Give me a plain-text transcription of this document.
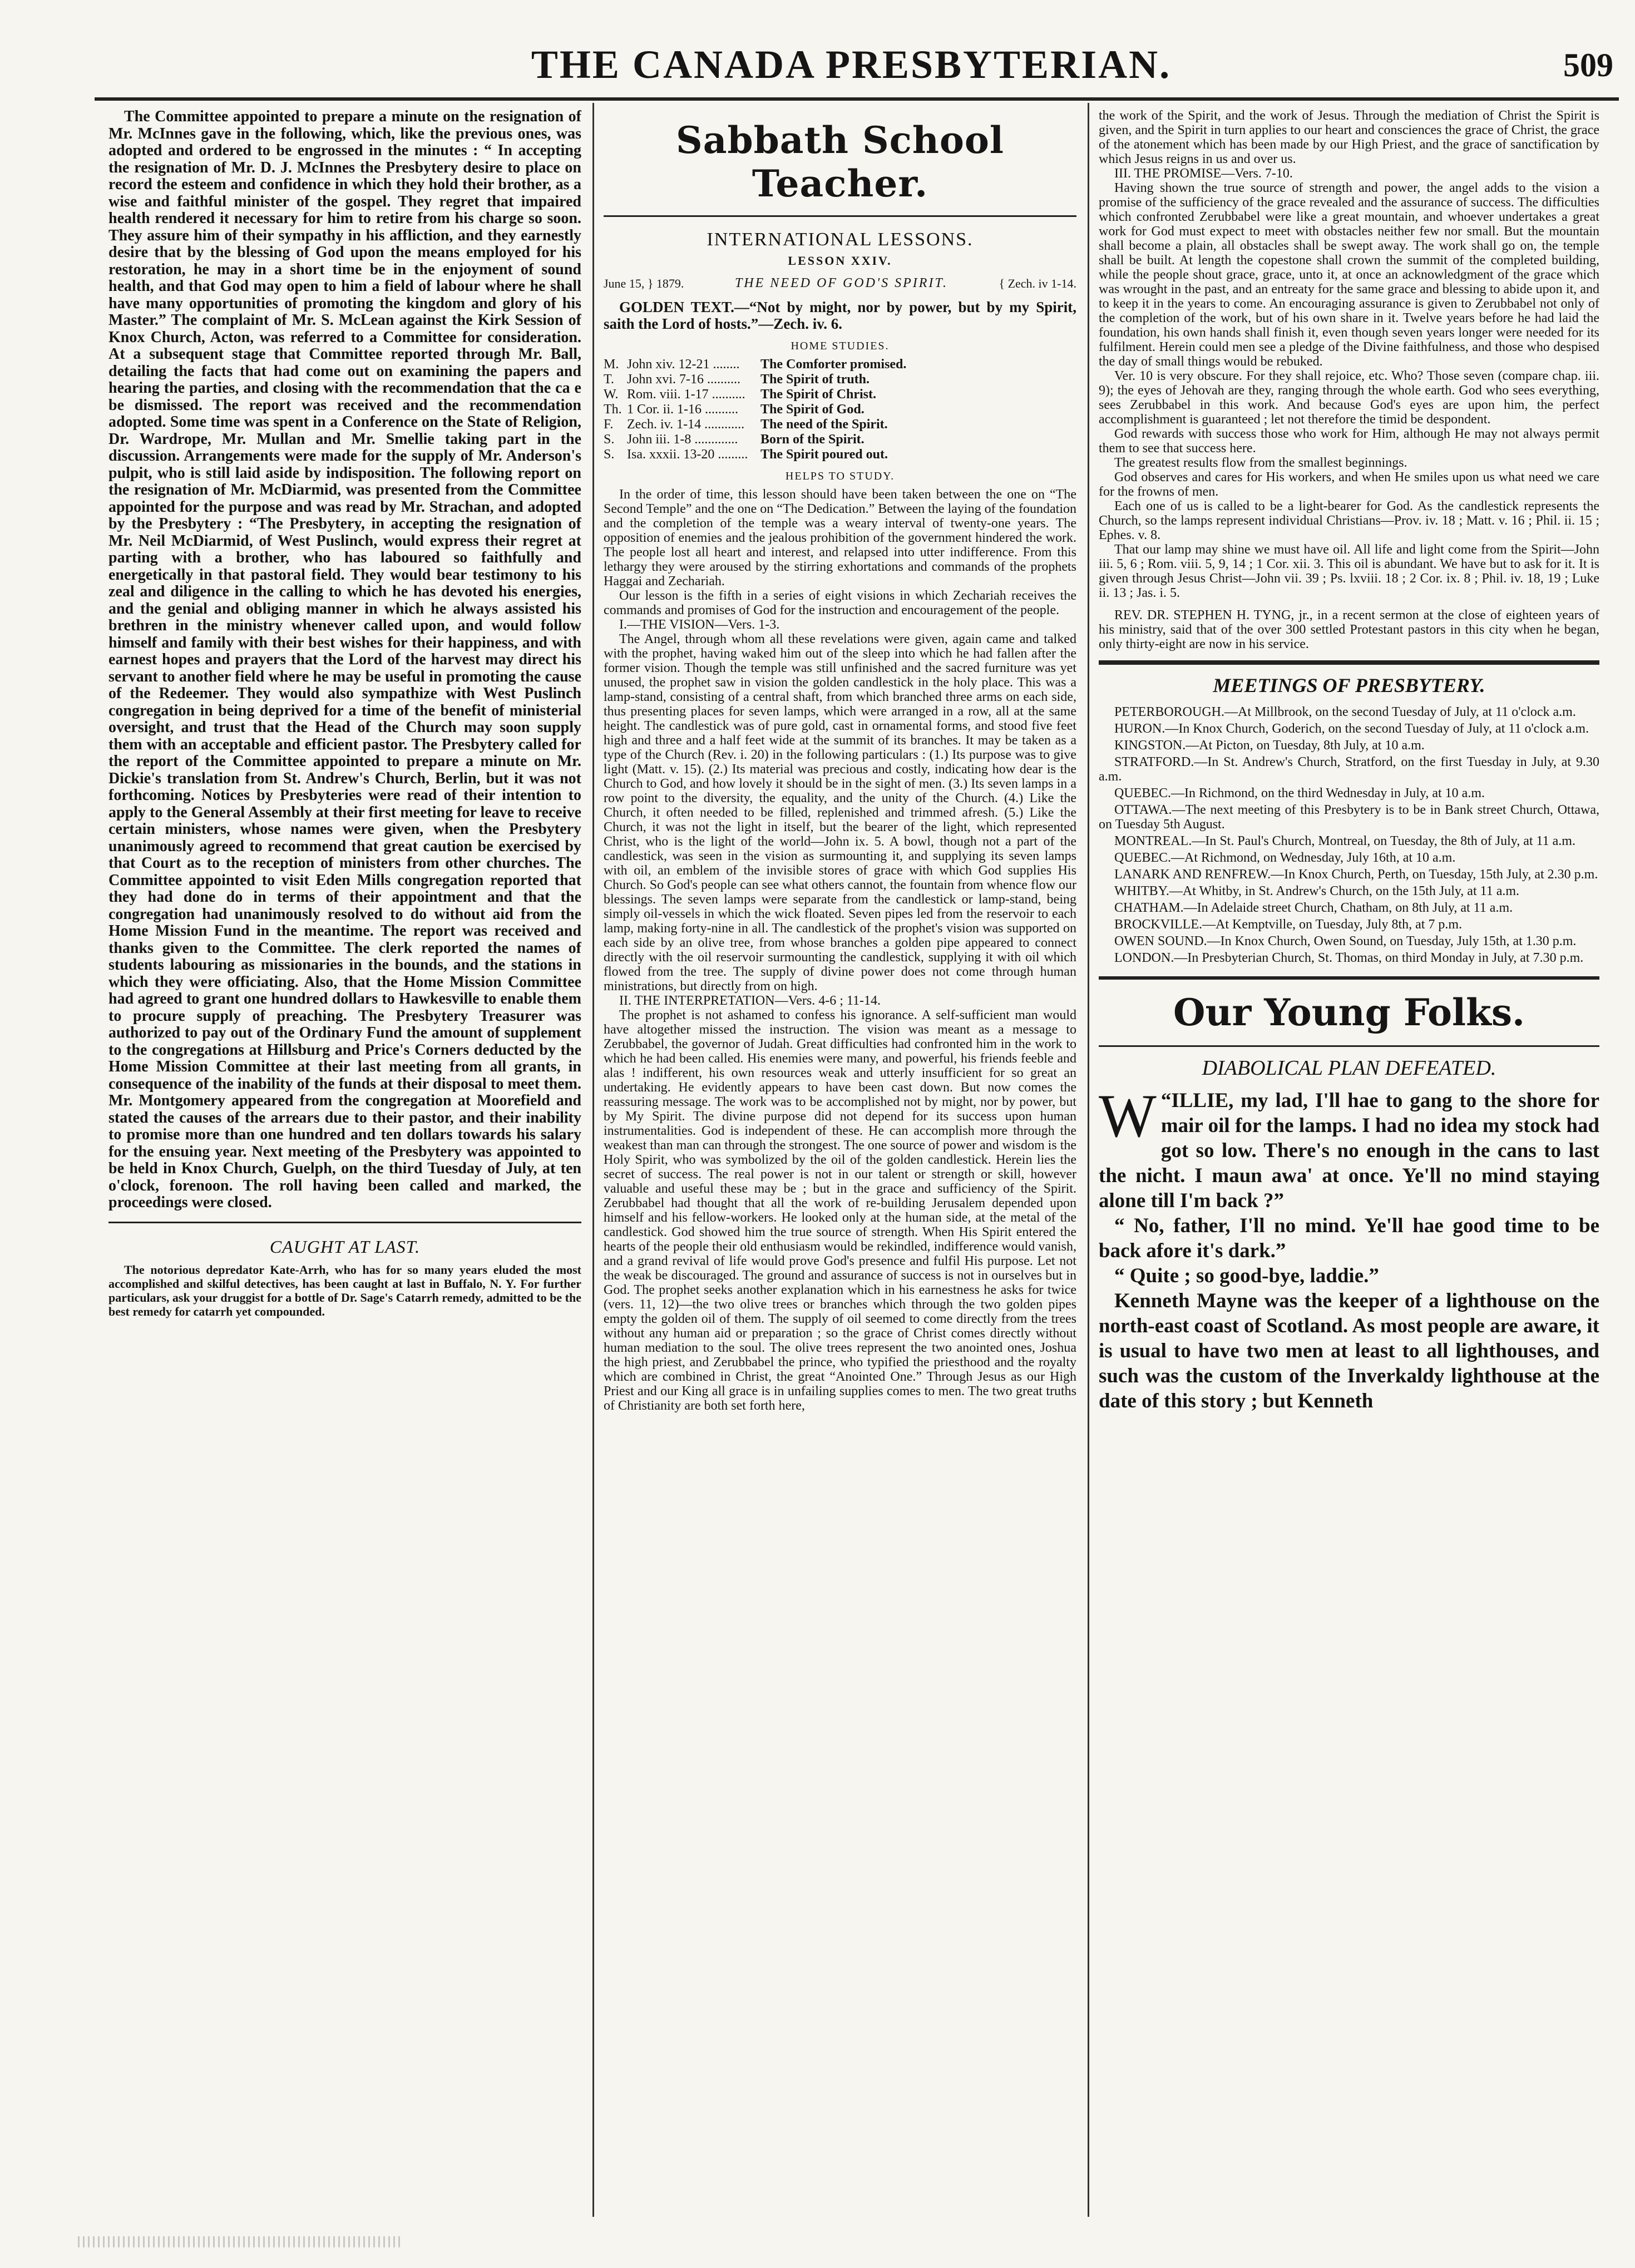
THE CANADA PRESBYTERIAN.	509

The Committee appointed to prepare a minute on the resignation of Mr. McInnes gave in the following, which, like the previous ones, was adopted and ordered to be engrossed in the minutes : “ In accepting the resignation of Mr. D. J. McInnes the Presbytery desire to place on record the esteem and confidence in which they hold their brother, as a wise and faithful minister of the gospel. They regret that impaired health rendered it necessary for him to retire from his charge so soon. They assure him of their sympathy in his affliction, and they earnestly desire that by the blessing of God upon the means employed for his restoration, he may in a short time be in the enjoyment of sound health, and that God may open to him a field of labour where he shall have many opportunities of promoting the kingdom and glory of his Master.” The complaint of Mr. S. McLean against the Kirk Session of Knox Church, Acton, was referred to a Committee for consideration. At a subsequent stage that Committee reported through Mr. Ball, detailing the facts that had come out on examining the papers and hearing the parties, and closing with the recommendation that the ca e be dismissed. The report was received and the recommendation adopted. Some time was spent in a Conference on the State of Religion, Dr. Wardrope, Mr. Mullan and Mr. Smellie taking part in the discussion. Arrangements were made for the supply of Mr. Anderson's pulpit, who is still laid aside by indisposition. The following report on the resignation of Mr. McDiarmid, was presented from the Committee appointed for the purpose and was read by Mr. Strachan, and adopted by the Presbytery : “The Presbytery, in accepting the resignation of Mr. Neil McDiarmid, of West Puslinch, would express their regret at parting with a brother, who has laboured so faithfully and energetically in that pastoral field. They would bear testimony to his zeal and diligence in the calling to which he has devoted his energies, and the genial and obliging manner in which he always assisted his brethren in the ministry whenever called upon, and would follow himself and family with their best wishes for their happiness, and with earnest hopes and prayers that the Lord of the harvest may direct his servant to another field where he may be useful in promoting the cause of the Redeemer. They would also sympathize with West Puslinch congregation in being deprived for a time of the benefit of ministerial oversight, and trust that the Head of the Church may soon supply them with an acceptable and efficient pastor. The Presbytery called for the report of the Committee appointed to prepare a minute on Mr. Dickie's translation from St. Andrew's Church, Berlin, but it was not forthcoming. Notices by Presbyteries were read of their intention to apply to the General Assembly at their first meeting for leave to receive certain ministers, whose names were given, when the Presbytery unanimously agreed to recommend that great caution be exercised by that Court as to the reception of ministers from other churches. The Committee appointed to visit Eden Mills congregation reported that they had done do in terms of their appointment and that the congregation had unanimously resolved to do without aid from the Home Mission Fund in the meantime. The report was received and thanks given to the Committee. The clerk reported the names of students labouring as missionaries in the bounds, and the stations in which they were officiating. Also, that the Home Mission Committee had agreed to grant one hundred dollars to Hawkesville to enable them to procure supply of preaching. The Presbytery Treasurer was authorized to pay out of the Ordinary Fund the amount of supplement to the congregations at Hillsburg and Price's Corners deducted by the Home Mission Committee at their last meeting from all grants, in consequence of the inability of the funds at their disposal to meet them. Mr. Montgomery appeared from the congregation at Moorefield and stated the causes of the arrears due to their pastor, and their inability to promise more than one hundred and ten dollars towards his salary for the ensuing year. Next meeting of the Presbytery was appointed to be held in Knox Church, Guelph, on the third Tuesday of July, at ten o'clock, forenoon. The roll having been called and marked, the proceedings were closed.

CAUGHT AT LAST.

The notorious depredator Kate-Arrh, who has for so many years eluded the most accomplished and skilful detectives, has been caught at last in Buffalo, N. Y. For further particulars, ask your druggist for a bottle of Dr. Sage's Catarrh remedy, admitted to be the best remedy for catarrh yet compounded.

Sabbath School Teacher.
INTERNATIONAL LESSONS.
LESSON XXIV.
June 15, } 1879.	THE NEED OF GOD'S SPIRIT.	{ Zech. iv 1-14.

GOLDEN TEXT.—“Not by might, nor by power, but by my Spirit, saith the Lord of hosts.”—Zech. iv. 6.

HOME STUDIES.
M.	John xiv. 12-21 ........	The Comforter promised.
T.	John xvi. 7-16 ..........	The Spirit of truth.
W.	Rom. viii. 1-17 ..........	The Spirit of Christ.
Th.	1 Cor. ii. 1-16 ..........	The Spirit of God.
F.	Zech. iv. 1-14 ............	The need of the Spirit.
S.	John iii. 1-8 .............	Born of the Spirit.
S.	Isa. xxxii. 13-20 .........	The Spirit poured out.
HELPS TO STUDY.

In the order of time, this lesson should have been taken between the one on “The Second Temple” and the one on “The Dedication.” Between the laying of the foundation and the completion of the temple was a weary interval of twenty-one years. The opposition of enemies and the jealous prohibition of the government hindered the work. The people lost all heart and interest, and relapsed into utter indifference. From this lethargy they were aroused by the stirring exhortations and commands of the prophets Haggai and Zechariah.

Our lesson is the fifth in a series of eight visions in which Zechariah receives the commands and promises of God for the instruction and encouragement of the people.

I.—THE VISION—Vers. 1-3.

The Angel, through whom all these revelations were given, again came and talked with the prophet, having waked him out of the sleep into which he had fallen after the former vision. Though the temple was still unfinished and the sacred furniture was yet unused, the prophet saw in vision the golden candlestick in the holy place. This was a lamp-stand, consisting of a central shaft, from which branched three arms on each side, thus presenting places for seven lamps, which were arranged in a row, all at the same height. The candlestick was of pure gold, cast in ornamental forms, and stood five feet high and three and a half feet wide at the summit of its branches. It may be taken as a type of the Church (Rev. i. 20) in the following particulars : (1.) Its purpose was to give light (Matt. v. 15). (2.) Its material was precious and costly, indicating how dear is the Church to God, and how lovely it should be in the sight of men. (3.) Its seven lamps in a row point to the diversity, the equality, and the unity of the Church. (4.) Like the Church, it often needed to be filled, replenished and trimmed afresh. (5.) Like the Church, it was not the light in itself, but the bearer of the light, which represented Christ, who is the light of the world—John ix. 5. A bowl, though not a part of the candlestick, was seen in the vision as surmounting it, and supplying its seven lamps with oil, an emblem of the invisible stores of grace with which God supplies His Church. So God's people can see what others cannot, the fountain from whence flow our blessings. The seven lamps were separate from the candlestick or lamp-stand, being simply oil-vessels in which the wick floated. Seven pipes led from the reservoir to each lamp, making forty-nine in all. The candlestick of the prophet's vision was supported on each side by an olive tree, from whose branches a golden pipe appeared to connect directly with the oil reservoir surmounting the candlestick, supplying it with oil which flowed from the tree. The supply of divine power does not come through human ministrations, but directly from on high.

II. THE INTERPRETATION—Vers. 4-6 ; 11-14.

The prophet is not ashamed to confess his ignorance. A self-sufficient man would have altogether missed the instruction. The vision was meant as a message to Zerubbabel, the governor of Judah. Great difficulties had confronted him in the work to which he had been called. His enemies were many, and powerful, his friends feeble and alas ! indifferent, his own resources weak and utterly insufficient for so great an undertaking. He evidently appears to have been cast down. But now comes the reassuring message. The work was to be accomplished not by might, nor by power, but by My Spirit. The divine purpose did not depend for its success upon human instrumentalities. God is independent of these. He can accomplish more through the weakest than man can through the strongest. The one source of power and wisdom is the Holy Spirit, who was symbolized by the oil of the golden candlestick. Herein lies the secret of success. The real power is not in our talent or strength or skill, however valuable and useful these may be ; but in the grace and sufficiency of the Spirit. Zerubbabel had thought that all the work of re-building Jerusalem depended upon himself and his fellow-workers. He looked only at the human side, at the metal of the candlestick. God showed him the true source of strength. When His Spirit entered the hearts of the people their old enthusiasm would be rekindled, indifference would vanish, and a grand revival of life would prove God's presence and fulfil His purpose. Let not the weak be discouraged. The ground and assurance of success is not in ourselves but in God. The prophet seeks another explanation which in his earnestness he asks for twice (vers. 11, 12)—the two olive trees or branches which through the two golden pipes empty the golden oil of them. The supply of oil seemed to come directly from the trees without any human aid or preparation ; so the grace of Christ comes directly without human mediation to the soul. The olive trees represent the two anointed ones, Joshua the high priest, and Zerubbabel the prince, who typified the priesthood and the royalty which are combined in Christ, the great “Anointed One.” Through Jesus as our High Priest and our King all grace is in unfailing supplies comes to men. The two great truths of Christianity are both set forth here,

the work of the Spirit, and the work of Jesus. Through the mediation of Christ the Spirit is given, and the Spirit in turn applies to our heart and consciences the grace of Christ, the grace of the atonement which has been made by our High Priest, and the grace of sanctification by which Jesus reigns in us and over us.

III. THE PROMISE—Vers. 7-10.

Having shown the true source of strength and power, the angel adds to the vision a promise of the sufficiency of the grace revealed and the assurance of success. The difficulties which confronted Zerubbabel were like a great mountain, and whoever undertakes a great work for God must expect to meet with obstacles neither few nor small. But the mountain shall become a plain, all obstacles shall be swept away. The work shall go on, the temple shall be built. At length the copestone shall crown the summit of the completed building, while the people shout grace, grace, unto it, at once an acknowledgment of the grace which was wrought in the past, and an entreaty for the same grace and blessing to abide upon it, and to keep it in the years to come. An encouraging assurance is given to Zerubbabel not only of the completion of the work, but of his own share in it. Twelve years before he had laid the foundation, his own hands shall finish it, even though seven years longer were needed for its fulfilment. Herein could men see a pledge of the Divine faithfulness, and those who despised the day of small things would be rebuked.

Ver. 10 is very obscure. For they shall rejoice, etc. Who? Those seven (compare chap. iii. 9); the eyes of Jehovah are they, ranging through the whole earth. God who sees everything, sees Zerubbabel in this work. And because God's eyes are upon him, the perfect accomplishment is guaranteed ; let not therefore the timid be despondent.

God rewards with success those who work for Him, although He may not always permit them to see that success here.

The greatest results flow from the smallest beginnings.

God observes and cares for His workers, and when He smiles upon us what need we care for the frowns of men.

Each one of us is called to be a light-bearer for God. As the candlestick represents the Church, so the lamps represent individual Christians—Prov. iv. 18 ; Matt. v. 16 ; Phil. ii. 15 ; Ephes. v. 8.

That our lamp may shine we must have oil. All life and light come from the Spirit—John iii. 5, 6 ; Rom. viii. 5, 9, 14 ; 1 Cor. xii. 3. This oil is abundant. We have but to ask for it. It is given through Jesus Christ—John vii. 39 ; Ps. lxviii. 18 ; 2 Cor. ix. 8 ; Phil. iv. 18, 19 ; Luke ii. 13 ; Jas. i. 5.

REV. DR. STEPHEN H. TYNG, jr., in a recent sermon at the close of eighteen years of his ministry, said that of the over 300 settled Protestant pastors in this city when he began, only thirty-eight are now in his service.

MEETINGS OF PRESBYTERY.

PETERBOROUGH.—At Millbrook, on the second Tuesday of July, at 11 o'clock a.m.

HURON.—In Knox Church, Goderich, on the second Tuesday of July, at 11 o'clock a.m.

KINGSTON.—At Picton, on Tuesday, 8th July, at 10 a.m.

STRATFORD.—In St. Andrew's Church, Stratford, on the first Tuesday in July, at 9.30 a.m.

QUEBEC.—In Richmond, on the third Wednesday in July, at 10 a.m.

OTTAWA.—The next meeting of this Presbytery is to be in Bank street Church, Ottawa, on Tuesday 5th August.

MONTREAL.—In St. Paul's Church, Montreal, on Tuesday, the 8th of July, at 11 a.m.

QUEBEC.—At Richmond, on Wednesday, July 16th, at 10 a.m.

LANARK AND RENFREW.—In Knox Church, Perth, on Tuesday, 15th July, at 2.30 p.m.

WHITBY.—At Whitby, in St. Andrew's Church, on the 15th July, at 11 a.m.

CHATHAM.—In Adelaide street Church, Chatham, on 8th July, at 11 a.m.

BROCKVILLE.—At Kemptville, on Tuesday, July 8th, at 7 p.m.

OWEN SOUND.—In Knox Church, Owen Sound, on Tuesday, July 15th, at 1.30 p.m.

LONDON.—In Presbyterian Church, St. Thomas, on third Monday in July, at 7.30 p.m.

Our Young Folks.
DIABOLICAL PLAN DEFEATED.

“
W ILLIE, my lad, I'll hae to gang to the shore for mair oil for the lamps. I had no idea my stock had got so low. There's no enough in the cans to last the nicht. I maun awa' at once. Ye'll no mind staying alone till I'm back ?”

“ No, father, I'll no mind. Ye'll hae good time to be back afore it's dark.”

“ Quite ; so good-bye, laddie.”

Kenneth Mayne was the keeper of a lighthouse on the north-east coast of Scotland. As most people are aware, it is usual to have two men at least to all lighthouses, and such was the custom of the Inverkaldy lighthouse at the date of this story ; but Kenneth
